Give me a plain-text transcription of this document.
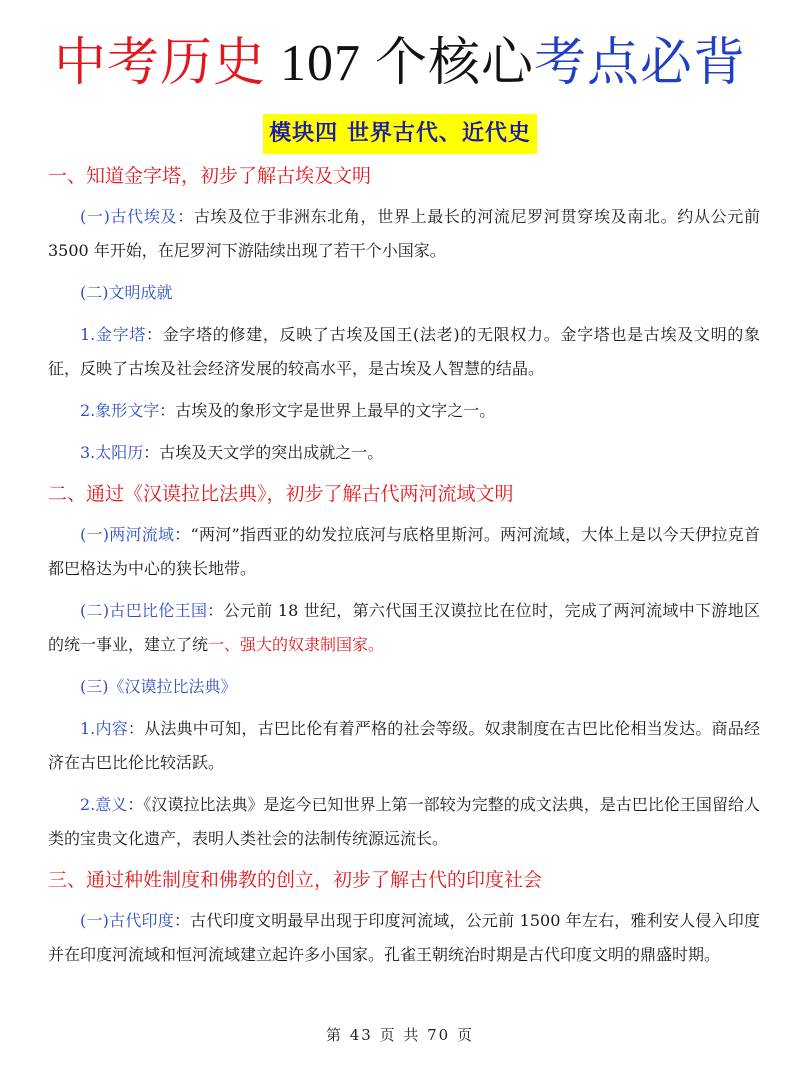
中考历史 107 个核心考点必背
模块四 世界古代、近代史

一、知道金字塔，初步了解古埃及文明

(一)古代埃及：古埃及位于非洲东北角，世界上最长的河流尼罗河贯穿埃及南北。约从公元前 3500 年开始，在尼罗河下游陆续出现了若干个小国家。

(二)文明成就

1.金字塔：金字塔的修建，反映了古埃及国王(法老)的无限权力。金字塔也是古埃及文明的象征，反映了古埃及社会经济发展的较高水平，是古埃及人智慧的结晶。

2.象形文字：古埃及的象形文字是世界上最早的文字之一。

3.太阳历：古埃及天文学的突出成就之一。

二、通过《汉谟拉比法典》，初步了解古代两河流域文明

(一)两河流域：“两河”指西亚的幼发拉底河与底格里斯河。两河流域，大体上是以今天伊拉克首都巴格达为中心的狭长地带。

(二)古巴比伦王国：公元前 18 世纪，第六代国王汉谟拉比在位时，完成了两河流域中下游地区的统一事业，建立了统一、强大的奴隶制国家。

(三)《汉谟拉比法典》

1.内容：从法典中可知，古巴比伦有着严格的社会等级。奴隶制度在古巴比伦相当发达。商品经济在古巴比伦比较活跃。

2.意义：《汉谟拉比法典》是迄今已知世界上第一部较为完整的成文法典，是古巴比伦王国留给人类的宝贵文化遗产，表明人类社会的法制传统源远流长。

三、通过种姓制度和佛教的创立，初步了解古代的印度社会

(一)古代印度：古代印度文明最早出现于印度河流域，公元前 1500 年左右，雅利安人侵入印度并在印度河流域和恒河流域建立起许多小国家。孔雀王朝统治时期是古代印度文明的鼎盛时期。

第 43 页 共 70 页
